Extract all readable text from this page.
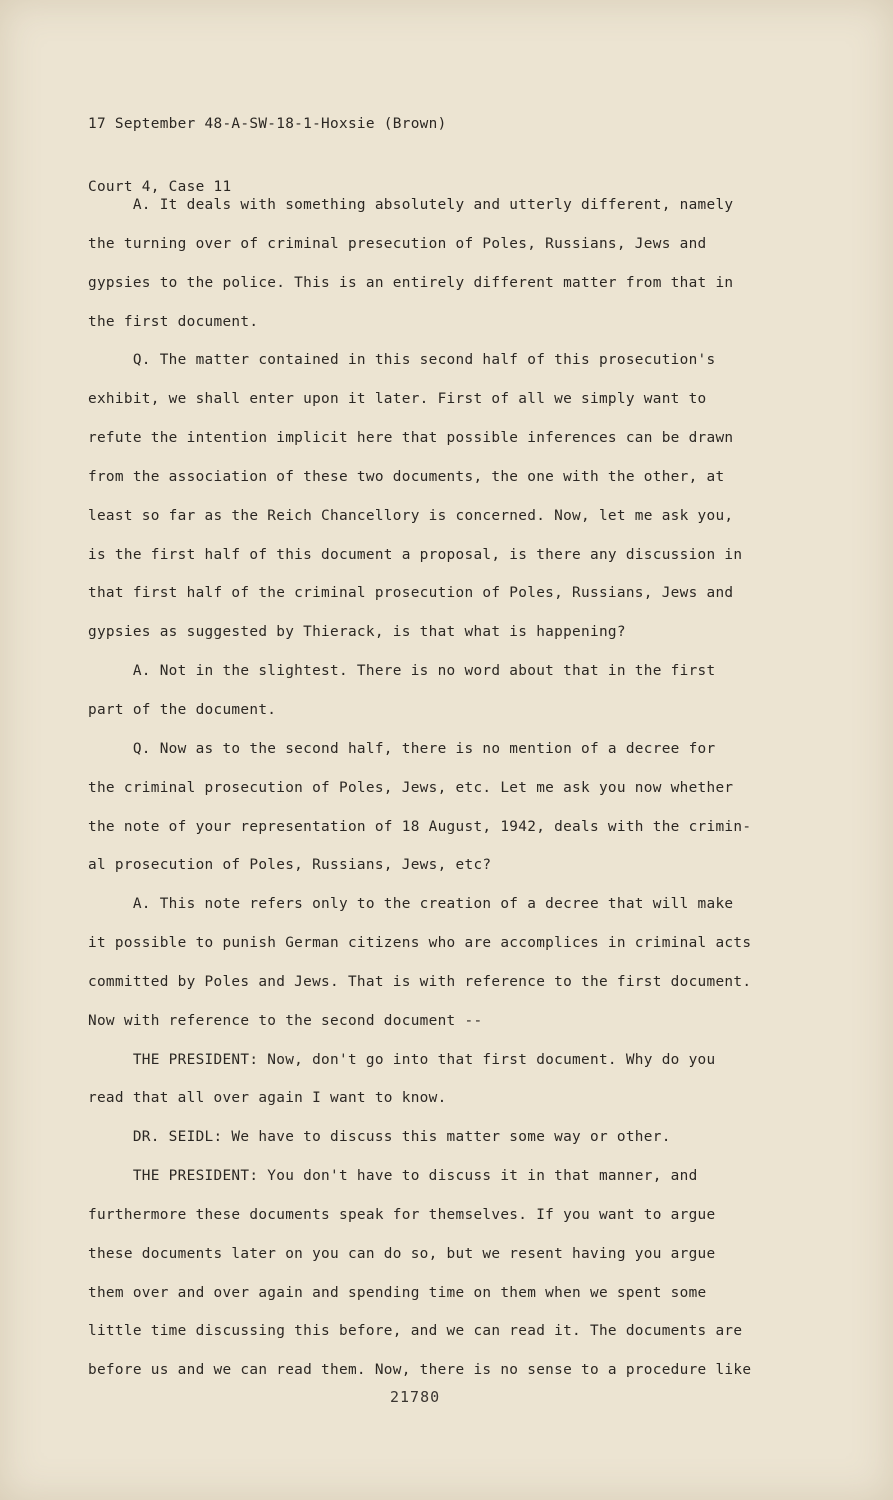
17 September 48-A-SW-18-1-Hoxsie (Brown)

Court 4, Case 11

A. It deals with something absolutely and utterly different, namely
the turning over of criminal presecution of Poles, Russians, Jews and
gypsies to the police. This is an entirely different matter from that in
the first document.
Q. The matter contained in this second half of this prosecution's
exhibit, we shall enter upon it later. First of all we simply want to
refute the intention implicit here that possible inferences can be drawn
from the association of these two documents, the one with the other, at
least so far as the Reich Chancellory is concerned. Now, let me ask you,
is the first half of this document a proposal, is there any discussion in
that first half of the criminal prosecution of Poles, Russians, Jews and
gypsies as suggested by Thierack, is that what is happening?
A. Not in the slightest. There is no word about that in the first
part of the document.
Q. Now as to the second half, there is no mention of a decree for
the criminal prosecution of Poles, Jews, etc. Let me ask you now whether
the note of your representation of 18 August, 1942, deals with the crimin-
al prosecution of Poles, Russians, Jews, etc?
A. This note refers only to the creation of a decree that will make
it possible to punish German citizens who are accomplices in criminal acts
committed by Poles and Jews. That is with reference to the first document.
Now with reference to the second document --
THE PRESIDENT: Now, don't go into that first document. Why do you
read that all over again I want to know.
DR. SEIDL: We have to discuss this matter some way or other.
THE PRESIDENT: You don't have to discuss it in that manner, and
furthermore these documents speak for themselves. If you want to argue
these documents later on you can do so, but we resent having you argue
them over and over again and spending time on them when we spent some
little time discussing this before, and we can read it. The documents are
before us and we can read them. Now, there is no sense to a procedure like
21780
